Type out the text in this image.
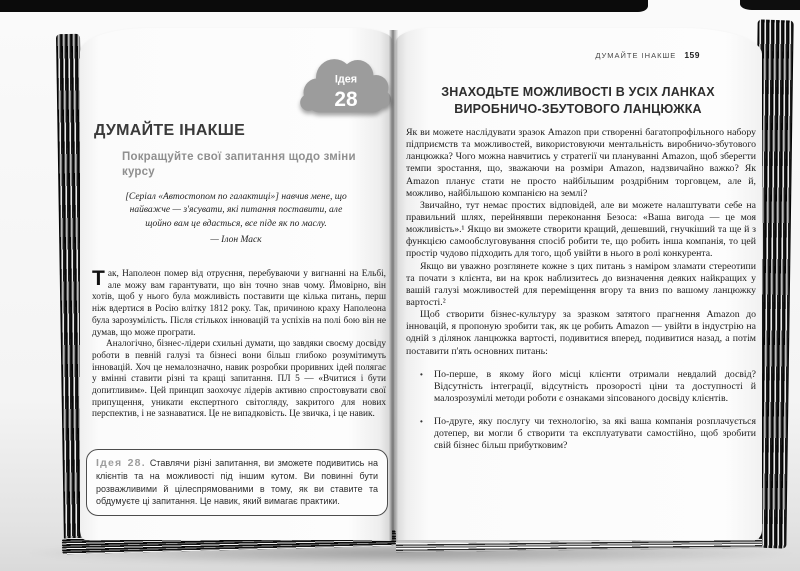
Ідея
28
ДУМАЙТЕ ІНАКШЕ
Покращуйте свої запитання щодо зміни курсу
[Серіал «Автостопом по галактиці»] навчив мене, що найважче — з'ясувати, які питання поставити, але щойно вам це вдасться, все піде як по маслу.
— Ілон Маск

Так, Наполеон помер від отруєння, перебуваючи у вигнанні на Ельбі, але можу вам гарантувати, що він точно знав чому. Ймовірно, він хотів, щоб у нього була можливість поставити ще кілька питань, перш ніж вдертися в Росію влітку 1812 року. Так, причиною краху Наполеона була зарозумілість. Після стількох інновацій та успіхів на полі бою він не думав, що може програти.

Аналогічно, бізнес-лідери схильні думати, що завдяки своєму досвіду роботи в певній галузі та бізнесі вони більш глибоко розумітимуть інновацій. Хоч це немалозначно, навик розробки проривних ідей полягає у вмінні ставити різні та кращі запитання. ПЛ 5 — «Вчитися і бути допитливим». Цей принцип заохочує лідерів активно спростовувати свої припущення, уникати експертного світогляду, закритого для нових перспектив, і не зазнаватися. Це не випадковість. Це звичка, і це навик.

Ідея 28. Ставлячи різні запитання, ви зможете подивитись на клієнтів та на можливості під іншим кутом. Ви повинні бути розважливими й цілеспрямованими в тому, як ви ставите та обдумуєте ці запитання. Це навик, який вимагає практики.
ДУМАЙТЕ ІНАКШЕ 159
ЗНАХОДЬТЕ МОЖЛИВОСТІ В УСІХ ЛАНКАХ
ВИРОБНИЧО-ЗБУТОВОГО ЛАНЦЮЖКА

Як ви можете наслідувати зразок Amazon при створенні багатопрофільного набору підприємств та можливостей, використовуючи ментальність виробничо-збутового ланцюжка? Чого можна навчитись у стратегії чи плануванні Amazon, щоб зберегти темпи зростання, що, зважаючи на розміри Amazon, надзвичайно важко? Як Amazon планує стати не просто найбільшим роздрібним торговцем, але й, можливо, найбільшою компанією на землі?

Звичайно, тут немає простих відповідей, але ви можете налаштувати себе на правильний шлях, перейнявши переконання Безоса: «Ваша вигода — це моя можливість».¹ Якщо ви зможете створити кращий, дешевший, гнучкіший та ще й з функцією самообслуговування спосіб робити те, що робить інша компанія, то цей простір чудово підходить для того, щоб увійти в нього в ролі конкурента.

Якщо ви уважно розглянете кожне з цих питань з наміром зламати стереотипи та почати з клієнта, ви на крок наблизитесь до визначення деяких найкращих у вашій галузі можливостей для переміщення вгору та вниз по вашому ланцюжку вартості.²

Щоб створити бізнес-культуру за зразком затятого прагнення Amazon до інновацій, я пропоную зробити так, як це робить Amazon — увійти в індустрію на одній з ділянок ланцюжка вартості, подивитися вперед, подивитися назад, а потім поставити п'ять основних питань:

•	По-перше, в якому його місці клієнти отримали невдалий досвід? Відсутність інтеграції, відсутність прозорості ціни та доступності й малозрозумілі методи роботи є ознаками зіпсованого досвіду клієнтів.
•	По-друге, яку послугу чи технологію, за які ваша компанія розплачується дотепер, ви могли б створити та експлуатувати самостійно, щоб зробити свій бізнес більш прибутковим?
